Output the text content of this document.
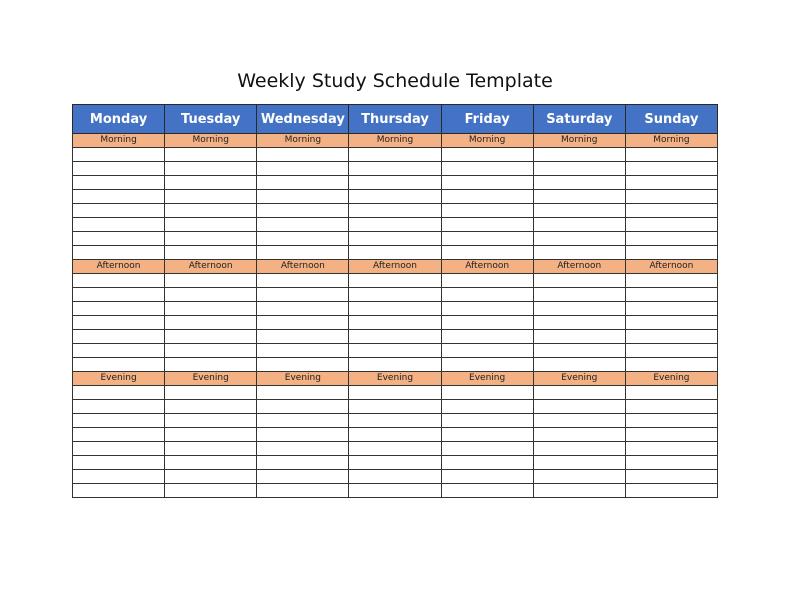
Weekly Study Schedule Template
Monday	Tuesday	Wednesday	Thursday	Friday	Saturday	Sunday
Morning	Morning	Morning	Morning	Morning	Morning	Morning

Afternoon	Afternoon	Afternoon	Afternoon	Afternoon	Afternoon	Afternoon

Evening	Evening	Evening	Evening	Evening	Evening	Evening
